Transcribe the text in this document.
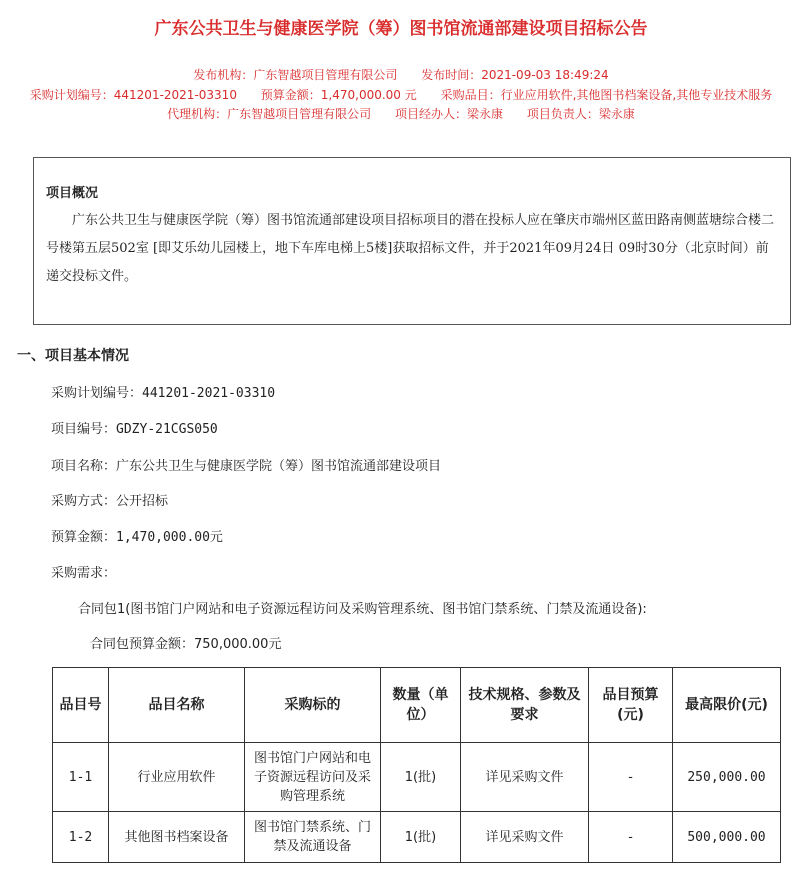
广东公共卫生与健康医学院（筹）图书馆流通部建设项目招标公告
发布机构：广东智越项目管理有限公司 发布时间：2021-09-03 18:49:24
采购计划编号：441201-2021-03310 预算金额：1,470,000.00 元 采购品目：行业应用软件,其他图书档案设备,其他专业技术服务
代理机构：广东智越项目管理有限公司 项目经办人：梁永康 项目负责人：梁永康
项目概况
广东公共卫生与健康医学院（筹）图书馆流通部建设项目招标项目的潜在投标人应在肇庆市端州区蓝田路南侧蓝塘综合楼二号楼第五层502室 [即艾乐幼儿园楼上，地下车库电梯上5楼]获取招标文件，并于2021年09月24日 09时30分（北京时间）前递交投标文件。
一、项目基本情况
采购计划编号：441201-2021-03310
项目编号：GDZY-21CGS050
项目名称：广东公共卫生与健康医学院（筹）图书馆流通部建设项目
采购方式：公开招标
预算金额：1,470,000.00元
采购需求：
合同包1(图书馆门户网站和电子资源远程访问及采购管理系统、图书馆门禁系统、门禁及流通设备):
合同包预算金额：750,000.00元
品目号	品目名称	采购标的	数量（单位）	技术规格、参数及要求	品目预算(元)	最高限价(元)
1-1	行业应用软件	图书馆门户网站和电子资源远程访问及采购管理系统	1(批)	详见采购文件	-	250,000.00
1-2	其他图书档案设备	图书馆门禁系统、门禁及流通设备	1(批)	详见采购文件	-	500,000.00
